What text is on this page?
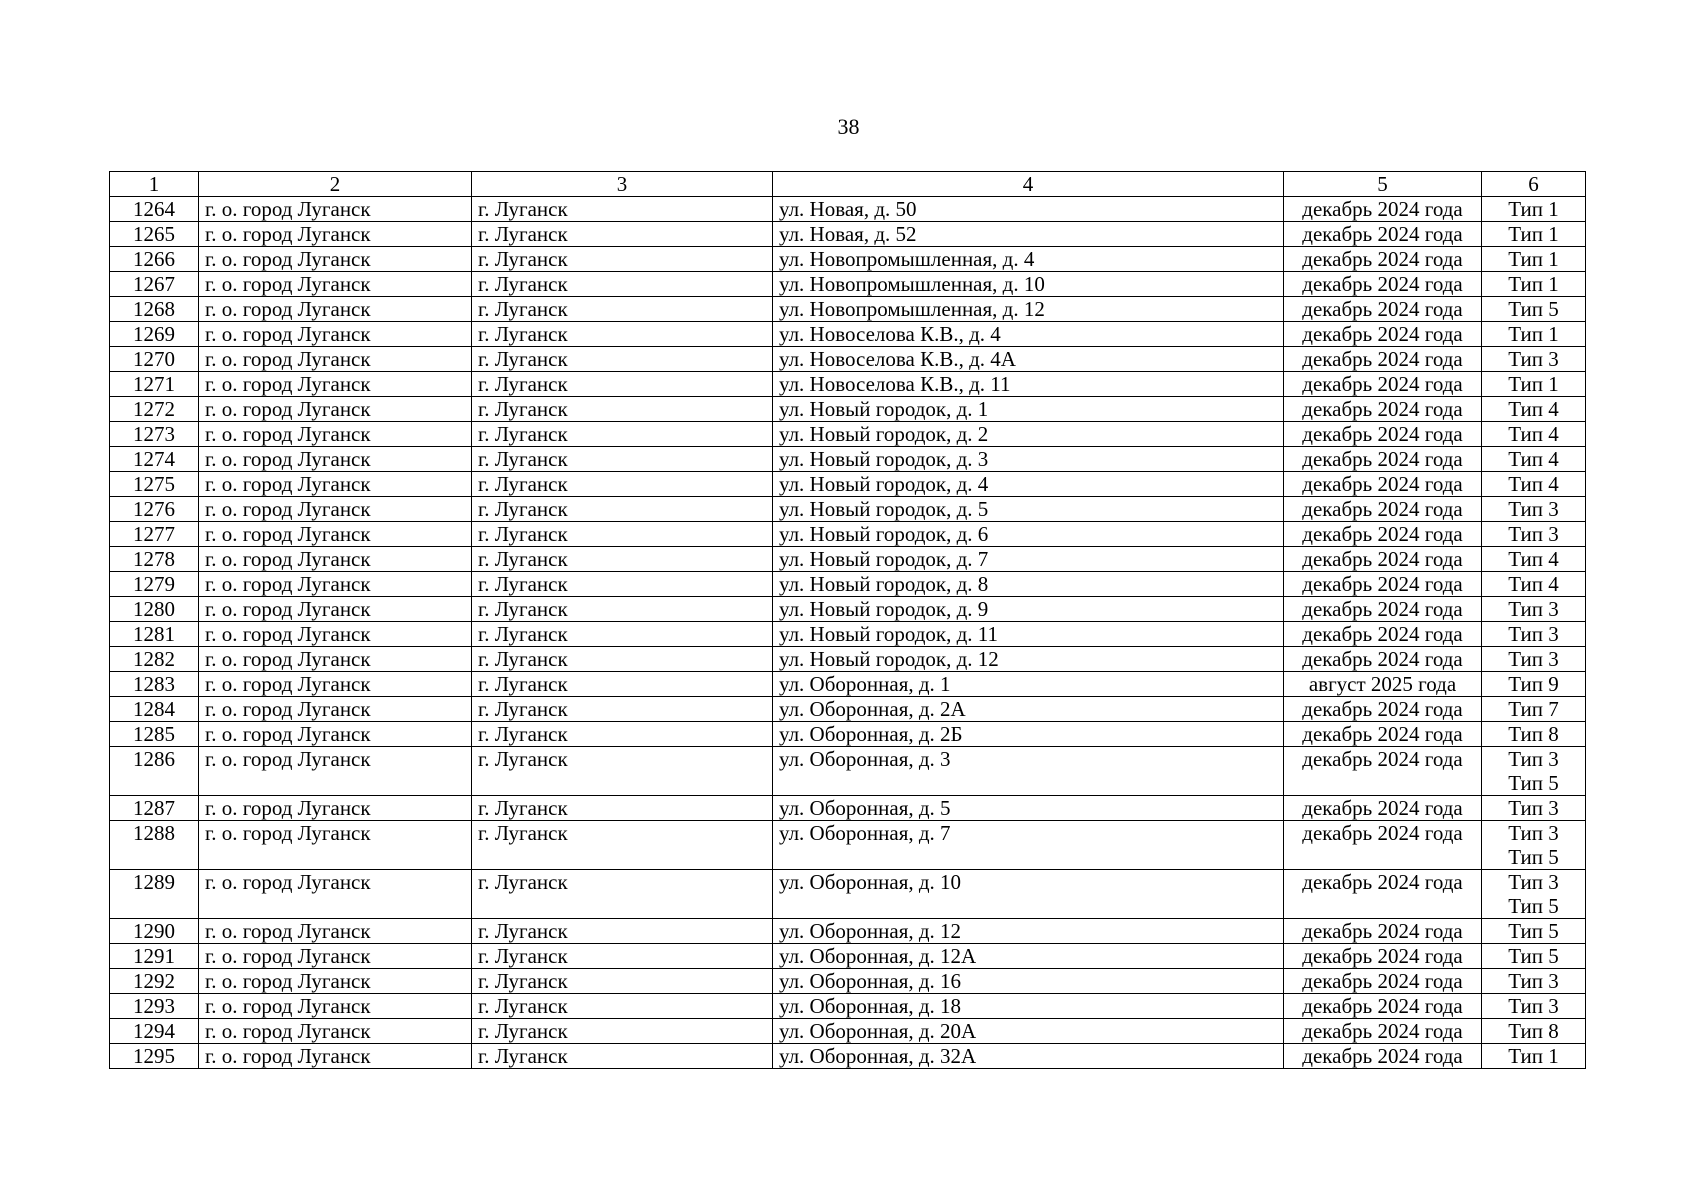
38
1	2	3	4	5	6
1264	г. о. город Луганск	г. Луганск	ул. Новая, д. 50	декабрь 2024 года	Тип 1

1265	г. о. город Луганск	г. Луганск	ул. Новая, д. 52	декабрь 2024 года	Тип 1

1266	г. о. город Луганск	г. Луганск	ул. Новопромышленная, д. 4	декабрь 2024 года	Тип 1

1267	г. о. город Луганск	г. Луганск	ул. Новопромышленная, д. 10	декабрь 2024 года	Тип 1

1268	г. о. город Луганск	г. Луганск	ул. Новопромышленная, д. 12	декабрь 2024 года	Тип 5

1269	г. о. город Луганск	г. Луганск	ул. Новоселова К.В., д. 4	декабрь 2024 года	Тип 1

1270	г. о. город Луганск	г. Луганск	ул. Новоселова К.В., д. 4А	декабрь 2024 года	Тип 3

1271	г. о. город Луганск	г. Луганск	ул. Новоселова К.В., д. 11	декабрь 2024 года	Тип 1

1272	г. о. город Луганск	г. Луганск	ул. Новый городок, д. 1	декабрь 2024 года	Тип 4

1273	г. о. город Луганск	г. Луганск	ул. Новый городок, д. 2	декабрь 2024 года	Тип 4

1274	г. о. город Луганск	г. Луганск	ул. Новый городок, д. 3	декабрь 2024 года	Тип 4

1275	г. о. город Луганск	г. Луганск	ул. Новый городок, д. 4	декабрь 2024 года	Тип 4

1276	г. о. город Луганск	г. Луганск	ул. Новый городок, д. 5	декабрь 2024 года	Тип 3

1277	г. о. город Луганск	г. Луганск	ул. Новый городок, д. 6	декабрь 2024 года	Тип 3

1278	г. о. город Луганск	г. Луганск	ул. Новый городок, д. 7	декабрь 2024 года	Тип 4

1279	г. о. город Луганск	г. Луганск	ул. Новый городок, д. 8	декабрь 2024 года	Тип 4

1280	г. о. город Луганск	г. Луганск	ул. Новый городок, д. 9	декабрь 2024 года	Тип 3

1281	г. о. город Луганск	г. Луганск	ул. Новый городок, д. 11	декабрь 2024 года	Тип 3

1282	г. о. город Луганск	г. Луганск	ул. Новый городок, д. 12	декабрь 2024 года	Тип 3

1283	г. о. город Луганск	г. Луганск	ул. Оборонная, д. 1	август 2025 года	Тип 9

1284	г. о. город Луганск	г. Луганск	ул. Оборонная, д. 2А	декабрь 2024 года	Тип 7

1285	г. о. город Луганск	г. Луганск	ул. Оборонная, д. 2Б	декабрь 2024 года	Тип 8

1286	г. о. город Луганск	г. Луганск	ул. Оборонная, д. 3	декабрь 2024 года	Тип 3
Тип 5

1287	г. о. город Луганск	г. Луганск	ул. Оборонная, д. 5	декабрь 2024 года	Тип 3

1288	г. о. город Луганск	г. Луганск	ул. Оборонная, д. 7	декабрь 2024 года	Тип 3
Тип 5

1289	г. о. город Луганск	г. Луганск	ул. Оборонная, д. 10	декабрь 2024 года	Тип 3
Тип 5

1290	г. о. город Луганск	г. Луганск	ул. Оборонная, д. 12	декабрь 2024 года	Тип 5

1291	г. о. город Луганск	г. Луганск	ул. Оборонная, д. 12А	декабрь 2024 года	Тип 5

1292	г. о. город Луганск	г. Луганск	ул. Оборонная, д. 16	декабрь 2024 года	Тип 3

1293	г. о. город Луганск	г. Луганск	ул. Оборонная, д. 18	декабрь 2024 года	Тип 3

1294	г. о. город Луганск	г. Луганск	ул. Оборонная, д. 20А	декабрь 2024 года	Тип 8

1295	г. о. город Луганск	г. Луганск	ул. Оборонная, д. 32А	декабрь 2024 года	Тип 1
